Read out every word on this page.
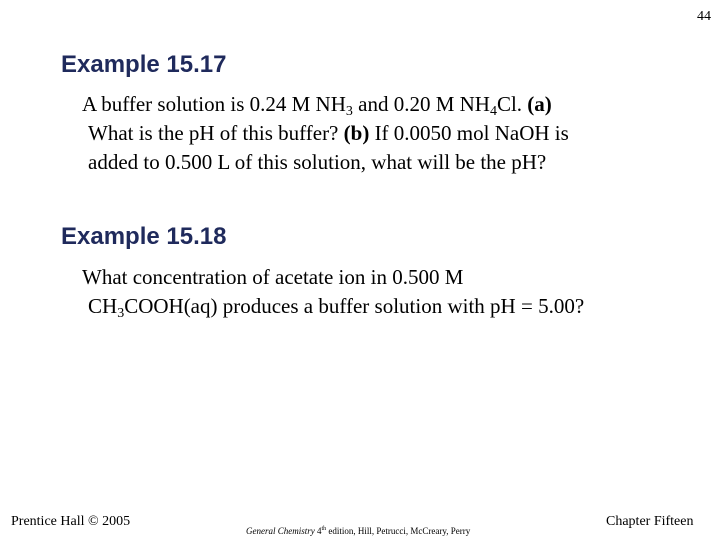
44
Example 15.17

A buffer solution is 0.24 M $NH_3$ and 0.20 M $NH_4Cl$. (a)
What is the pH of this buffer? (b) If 0.0050 mol NaOH is
added to 0.500 L of this solution, what will be the pH?

Example 15.18

What concentration of acetate ion in 0.500 M
$CH_3COOH(aq)$ produces a buffer solution with pH = 5.00?

Prentice Hall © 2005
General Chemistry 4th edition, Hill, Petrucci, McCreary, Perry
Chapter Fifteen
